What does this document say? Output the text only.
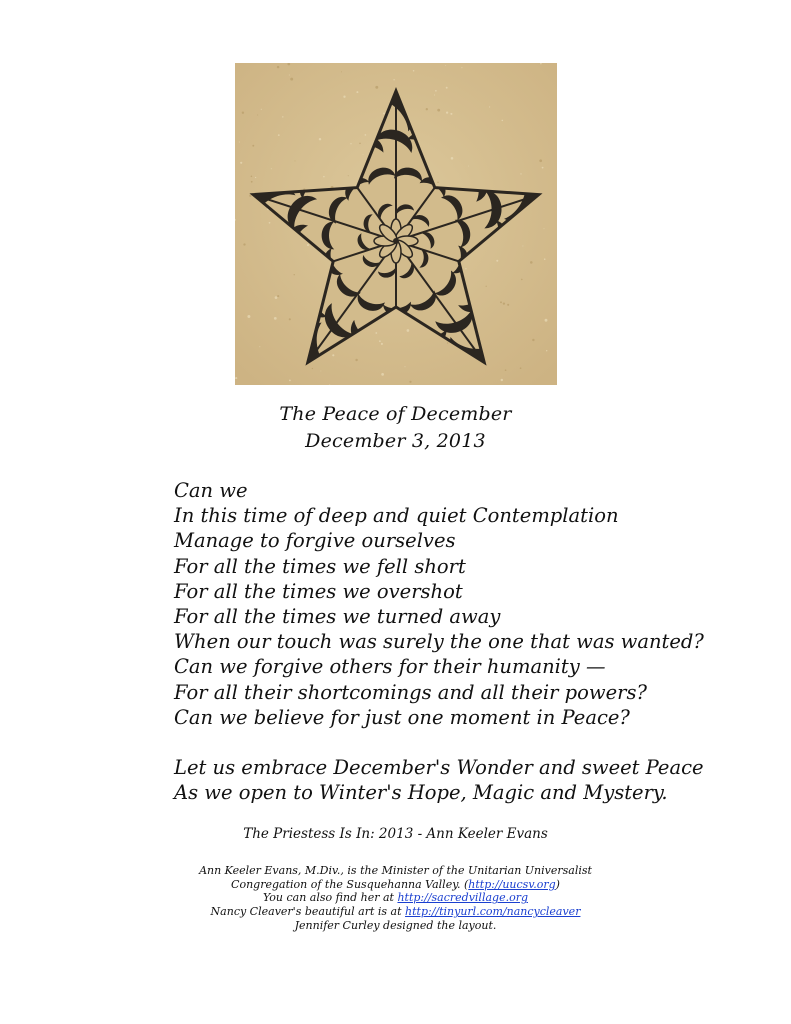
The Peace of December
December 3, 2013
Can we
In this time of deep and quiet Contemplation
Manage to forgive ourselves
For all the times we fell short
For all the times we overshot
For all the times we turned away
When our touch was surely the one that was wanted?
Can we forgive others for their humanity —
For all their shortcomings and all their powers?
Can we believe for just one moment in Peace?
Let us embrace December's Wonder and sweet Peace
As we open to Winter's Hope, Magic and Mystery.
The Priestess Is In: 2013 - Ann Keeler Evans
Ann Keeler Evans, M.Div., is the Minister of the Unitarian Universalist
Congregation of the Susquehanna Valley. (http://uucsv.org)
You can also find her at http://sacredvillage.org
Nancy Cleaver's beautiful art is at http://tinyurl.com/nancycleaver
Jennifer Curley designed the layout.
